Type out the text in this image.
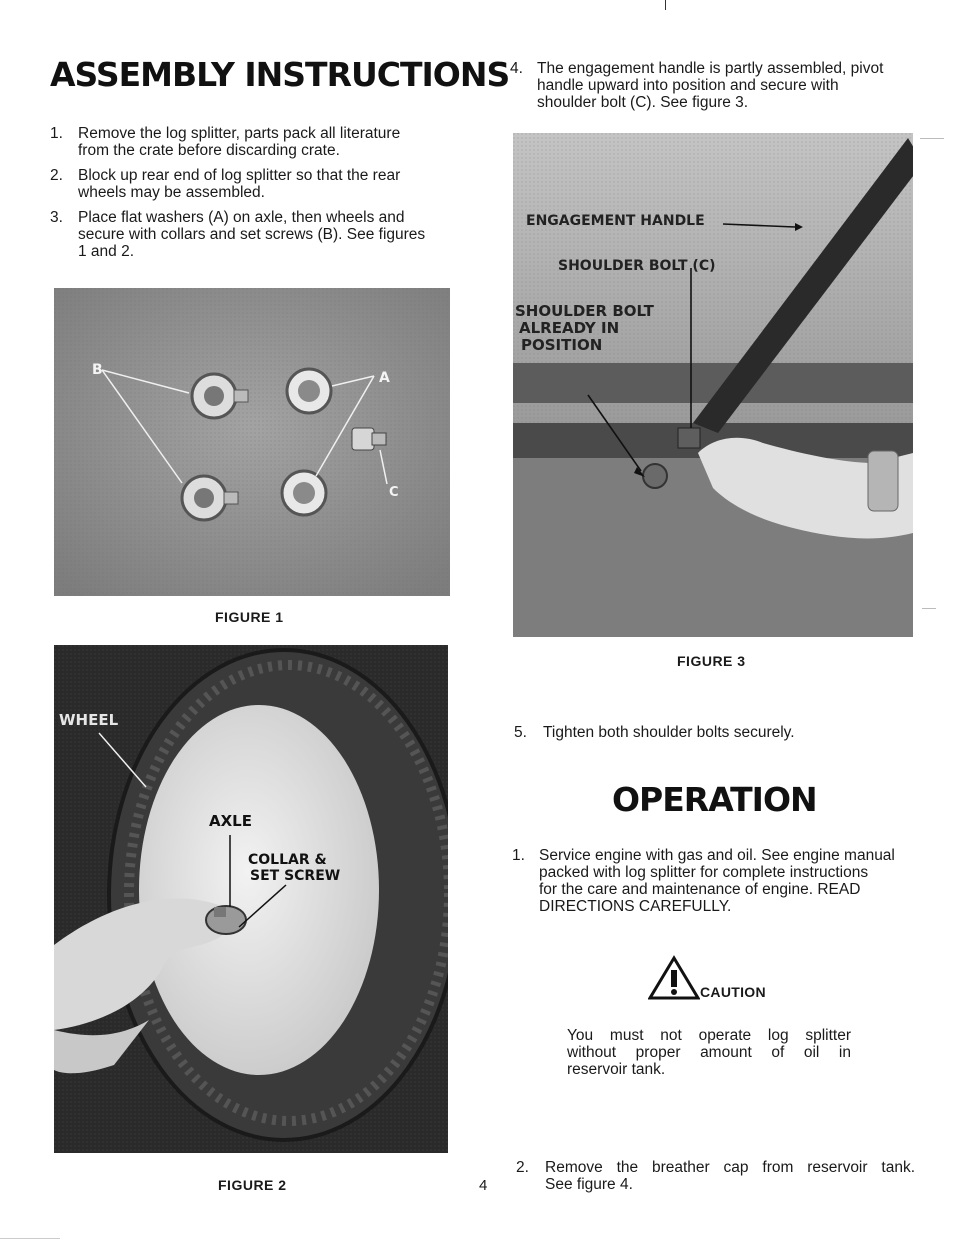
ASSEMBLY INSTRUCTIONS
1. Remove the log splitter, parts pack all literature
from the crate before discarding crate.
2. Block up rear end of log splitter so that the rear
wheels may be assembled.
3. Place flat washers (A) on axle, then wheels and
secure with collars and set screws (B). See figures
1 and 2.
B	A
C
FIGURE 1
WHEEL
AXLE
COLLAR &
SET SCREW
FIGURE 2	4
4. The engagement handle is partly assembled, pivot
handle upward into position and secure with
shoulder bolt (C). See figure 3.
ENGAGEMENT HANDLE
SHOULDER BOLT (C)
SHOULDER BOLT
ALREADY IN
POSITION
FIGURE 3
5. Tighten both shoulder bolts securely.
OPERATION
1. Service engine with gas and oil. See engine manual
packed with log splitter for complete instructions
for the care and maintenance of engine. READ
DIRECTIONS CAREFULLY.
CAUTION
You must not operate log splitter
without proper amount of oil in
reservoir tank.
2. Remove the breather cap from reservoir tank.
See figure 4.
